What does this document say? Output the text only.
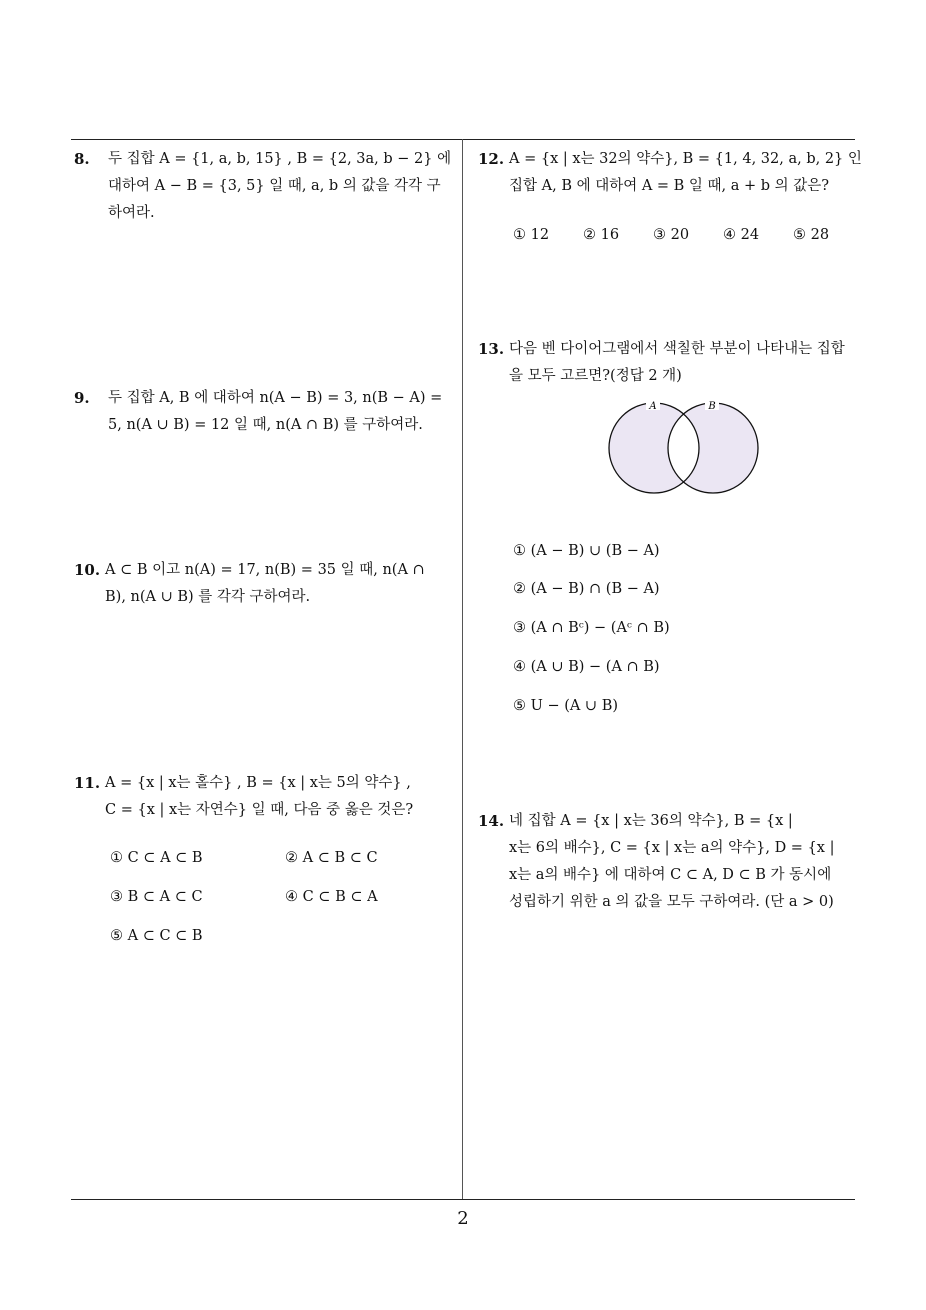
8. 두 집합 A = {1, a, b, 15} , B = {2, 3a, b − 2} 에
대하여 A − B = {3, 5} 일 때, a, b 의 값을 각각 구
하여라.
9. 두 집합 A, B 에 대하여 n(A − B) = 3, n(B − A) =
5, n(A ∪ B) = 12 일 때, n(A ∩ B) 를 구하여라.
10. A ⊂ B 이고 n(A) = 17, n(B) = 35 일 때, n(A ∩
B), n(A ∪ B) 를 각각 구하여라.
11. A = {x | x는 홀수} , B = {x | x는 5의 약수} ,
C = {x | x는 자연수} 일 때, 다음 중 옳은 것은?
① C ⊂ A ⊂ B	② A ⊂ B ⊂ C
③ B ⊂ A ⊂ C	④ C ⊂ B ⊂ A
⑤ A ⊂ C ⊂ B
12. A = {x | x는 32의 약수}, B = {1, 4, 32, a, b, 2} 인
집합 A, B 에 대하여 A = B 일 때, a + b 의 값은?
① 12 ② 16 ③ 20 ④ 24 ⑤ 28
13. 다음 벤 다이어그램에서 색칠한 부분이 나타내는 집합
을 모두 고르면?(정답 2 개)
A	B
① (A − B) ∪ (B − A)
② (A − B) ∩ (B − A)
③ (A ∩ Bᶜ) − (Aᶜ ∩ B)
④ (A ∪ B) − (A ∩ B)
⑤ U − (A ∪ B)
14. 네 집합 A = {x | x는 36의 약수}, B = {x |
x는 6의 배수}, C = {x | x는 a의 약수}, D = {x |
x는 a의 배수} 에 대하여 C ⊂ A, D ⊂ B 가 동시에
성립하기 위한 a 의 값을 모두 구하여라. (단 a > 0)
2
